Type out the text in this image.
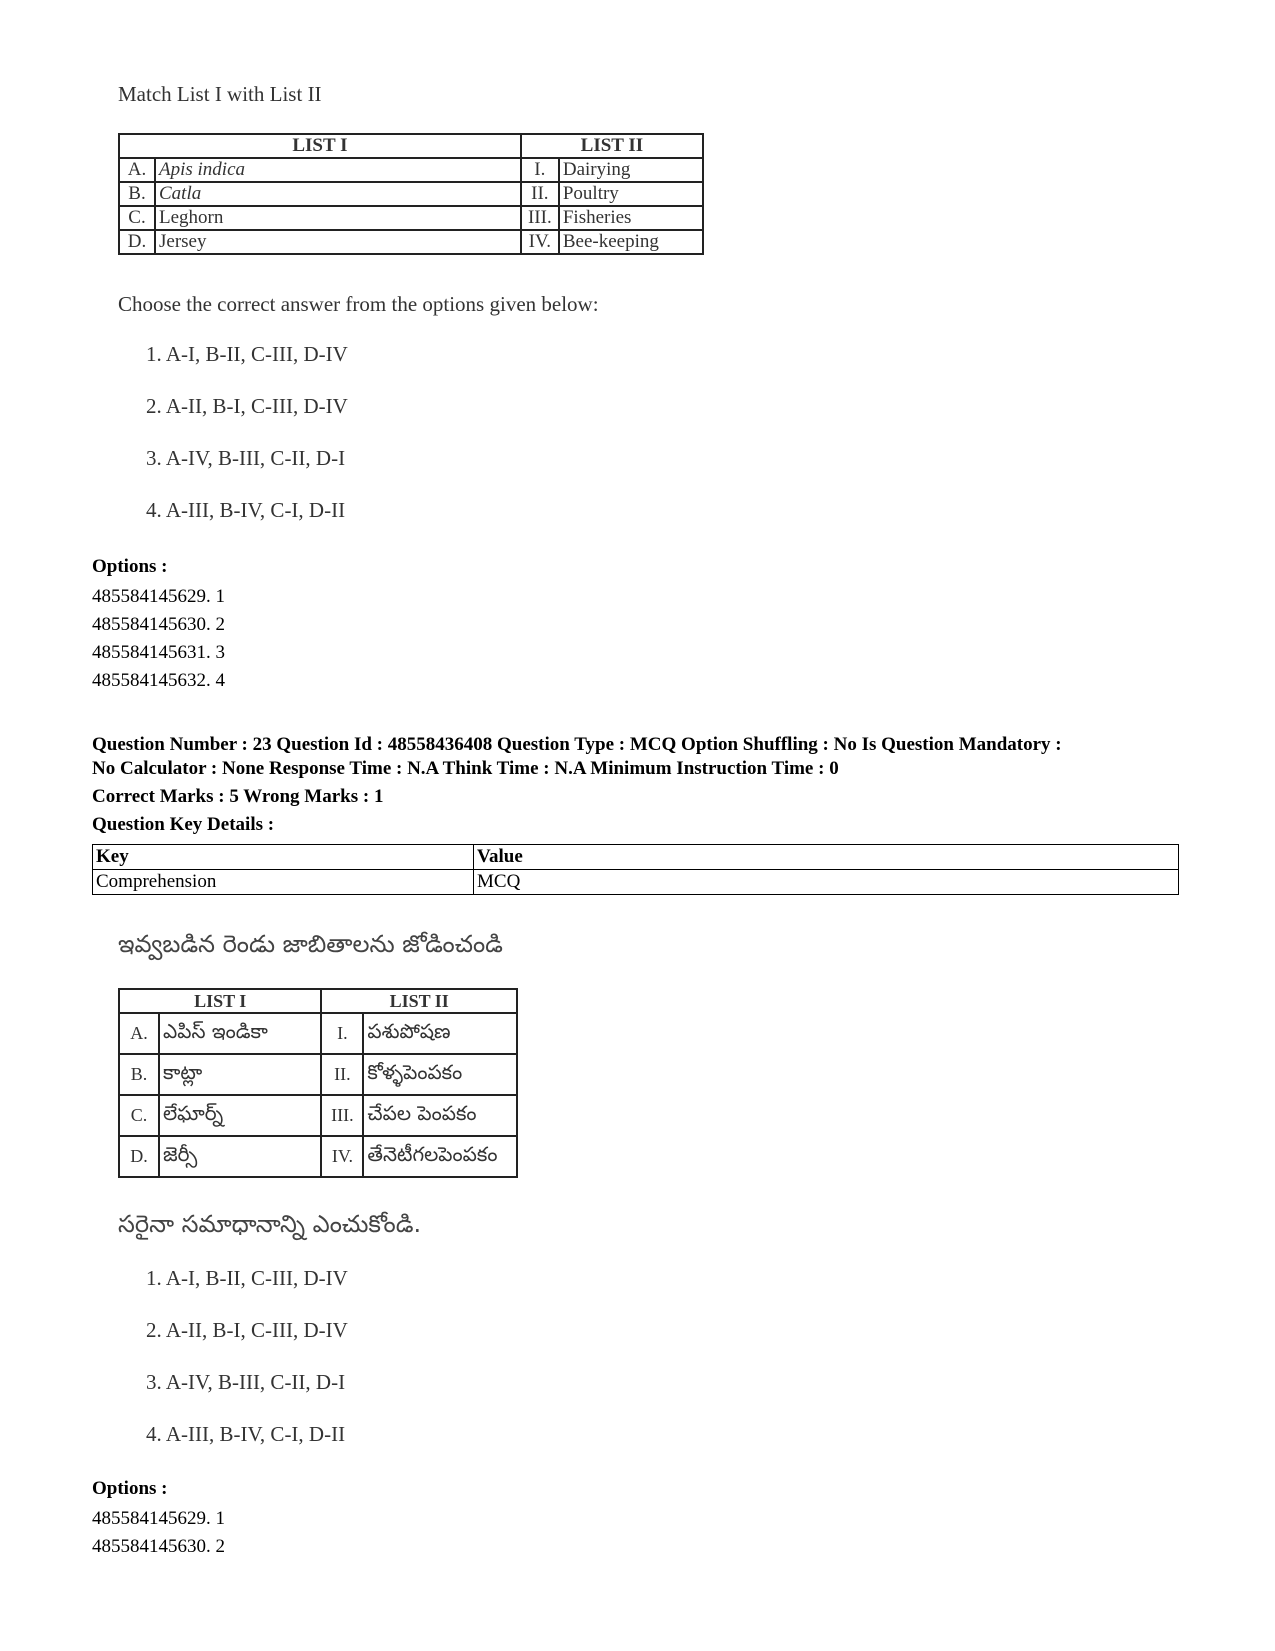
Match List I with List II
LIST I		LIST II	
A.	Apis indica	I.	Dairying
B.	Catla	II.	Poultry
C.	Leghorn	III.	Fisheries
D.	Jersey	IV.	Bee-keeping
Choose the correct answer from the options given below:
1. A-I, B-II, C-III, D-IV
2. A-II, B-I, C-III, D-IV
3. A-IV, B-III, C-II, D-I
4. A-III, B-IV, C-I, D-II
Options :
485584145629. 1
485584145630. 2
485584145631. 3
485584145632. 4
Question Number : 23 Question Id : 48558436408 Question Type : MCQ Option Shuffling : No Is Question Mandatory :
No Calculator : None Response Time : N.A Think Time : N.A Minimum Instruction Time : 0
Correct Marks : 5 Wrong Marks : 1
Question Key Details :
Key	Value
Comprehension	MCQ
ఇవ్వబడిన రెండు జాబితాలను జోడించండి
LIST I		LIST II	
A.	ఎపిస్ ఇండికా	I.	పశుపోషణ
B.	కాట్లా	II.	కోళ్ళపెంపకం
C.	లేఘార్న్	III.	చేపల పెంపకం
D.	జెర్సీ	IV.	తేనెటీగలపెంపకం
సరైనా సమాధానాన్ని ఎంచుకోండి.
1. A-I, B-II, C-III, D-IV
2. A-II, B-I, C-III, D-IV
3. A-IV, B-III, C-II, D-I
4. A-III, B-IV, C-I, D-II
Options :
485584145629. 1
485584145630. 2
